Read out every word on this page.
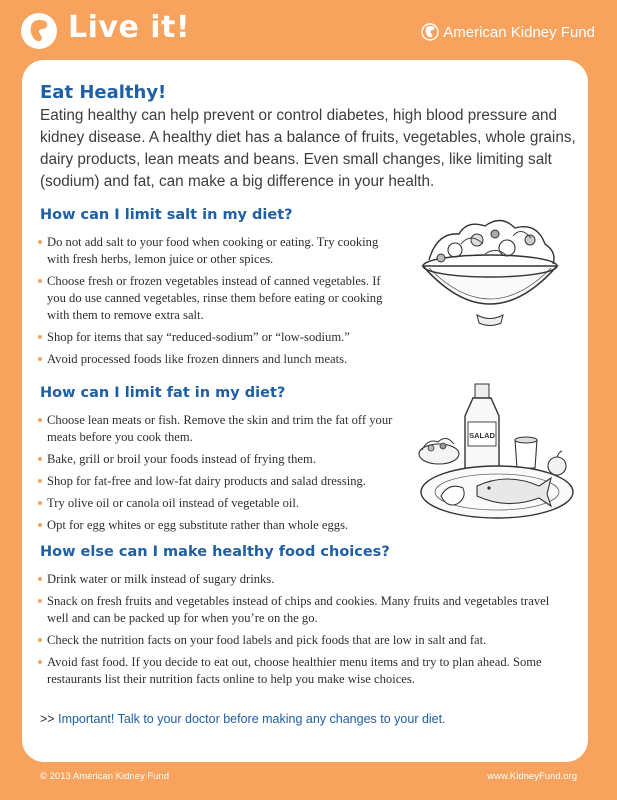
Live it!	American Kidney Fund
Eat Healthy!

Eating healthy can help prevent or control diabetes, high blood pressure and kidney disease. A healthy diet has a balance of fruits, vegetables, whole grains, dairy products, lean meats and beans. Even small changes, like limiting salt (sodium) and fat, can make a big difference in your health.

How can I limit salt in my diet?
Do not add salt to your food when cooking or eating. Try cooking with fresh herbs, lemon juice or other spices.
Choose fresh or frozen vegetables instead of canned vegetables. If you do use canned vegetables, rinse them before eating or cooking with them to remove extra salt.
Shop for items that say “reduced-sodium” or “low-sodium.”
Avoid processed foods like frozen dinners and lunch meats.
How can I limit fat in my diet?
Choose lean meats or fish. Remove the skin and trim the fat off your meats before you cook them.
Bake, grill or broil your foods instead of frying them.
Shop for fat-free and low-fat dairy products and salad dressing.
Try olive oil or canola oil instead of vegetable oil.
Opt for egg whites or egg substitute rather than whole eggs.
SALAD
How else can I make healthy food choices?
Drink water or milk instead of sugary drinks.
Snack on fresh fruits and vegetables instead of chips and cookies. Many fruits and vegetables travel well and can be packed up for when you’re on the go.
Check the nutrition facts on your food labels and pick foods that are low in salt and fat.
Avoid fast food. If you decide to eat out, choose healthier menu items and try to plan ahead. Some restaurants list their nutrition facts online to help you make wise choices.
>> Important! Talk to your doctor before making any changes to your diet.
© 2013 American Kidney Fund	www.KidneyFund.org
